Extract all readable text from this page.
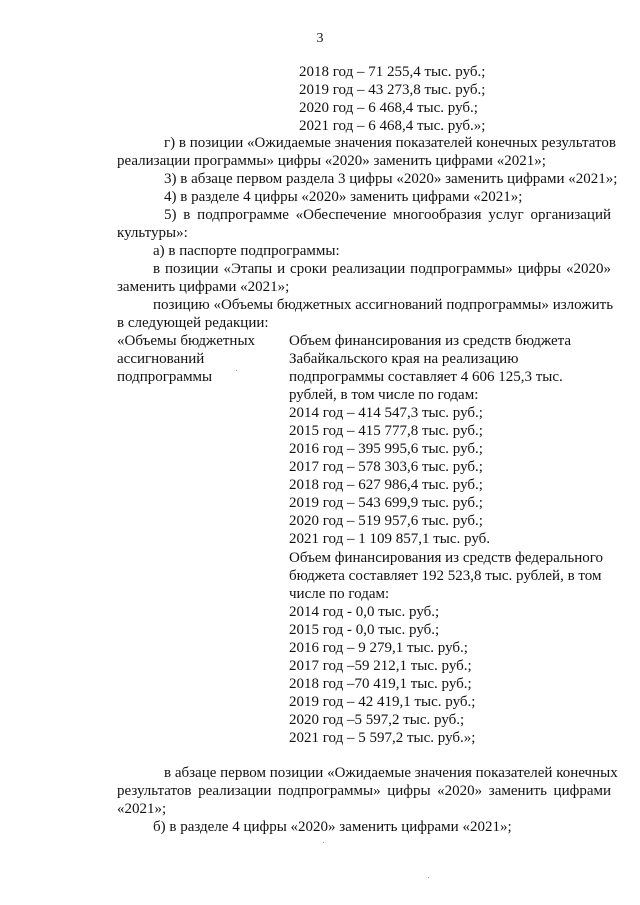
3
2018 год – 71 255,4 тыс. руб.;
2019 год – 43 273,8 тыс. руб.;
2020 год – 6 468,4 тыс. руб.;
2021 год – 6 468,4 тыс. руб.»;
г) в позиции «Ожидаемые значения показателей конечных результатов
реализации программы» цифры «2020» заменить цифрами «2021»;
3) в абзаце первом раздела 3 цифры «2020» заменить цифрами «2021»;
4) в разделе 4 цифры «2020» заменить цифрами «2021»;
5) в подпрограмме «Обеспечение многообразия услуг организаций
культуры»:
а) в паспорте подпрограммы:
в позиции «Этапы и сроки реализации подпрограммы» цифры «2020»
заменить цифрами «2021»;
позицию «Объемы бюджетных ассигнований подпрограммы» изложить
в следующей редакции:
«Объемы бюджетных
ассигнований
подпрограммы
Объем финансирования из средств бюджета
Забайкальского края на реализацию
подпрограммы составляет 4 606 125,3 тыс.
рублей, в том числе по годам:
2014 год – 414 547,3 тыс. руб.;
2015 год – 415 777,8 тыс. руб.;
2016 год – 395 995,6 тыс. руб.;
2017 год – 578 303,6 тыс. руб.;
2018 год – 627 986,4 тыс. руб.;
2019 год – 543 699,9 тыс. руб.;
2020 год – 519 957,6 тыс. руб.;
2021 год – 1 109 857,1 тыс. руб.
Объем финансирования из средств федерального
бюджета составляет 192 523,8 тыс. рублей, в том
числе по годам:
2014 год - 0,0 тыс. руб.;
2015 год - 0,0 тыс. руб.;
2016 год – 9 279,1 тыс. руб.;
2017 год –59 212,1 тыс. руб.;
2018 год –70 419,1 тыс. руб.;
2019 год – 42 419,1 тыс. руб.;
2020 год –5 597,2 тыс. руб.;
2021 год – 5 597,2 тыс. руб.»;
в абзаце первом позиции «Ожидаемые значения показателей конечных
результатов реализации подпрограммы» цифры «2020» заменить цифрами
«2021»;
б) в разделе 4 цифры «2020» заменить цифрами «2021»;
